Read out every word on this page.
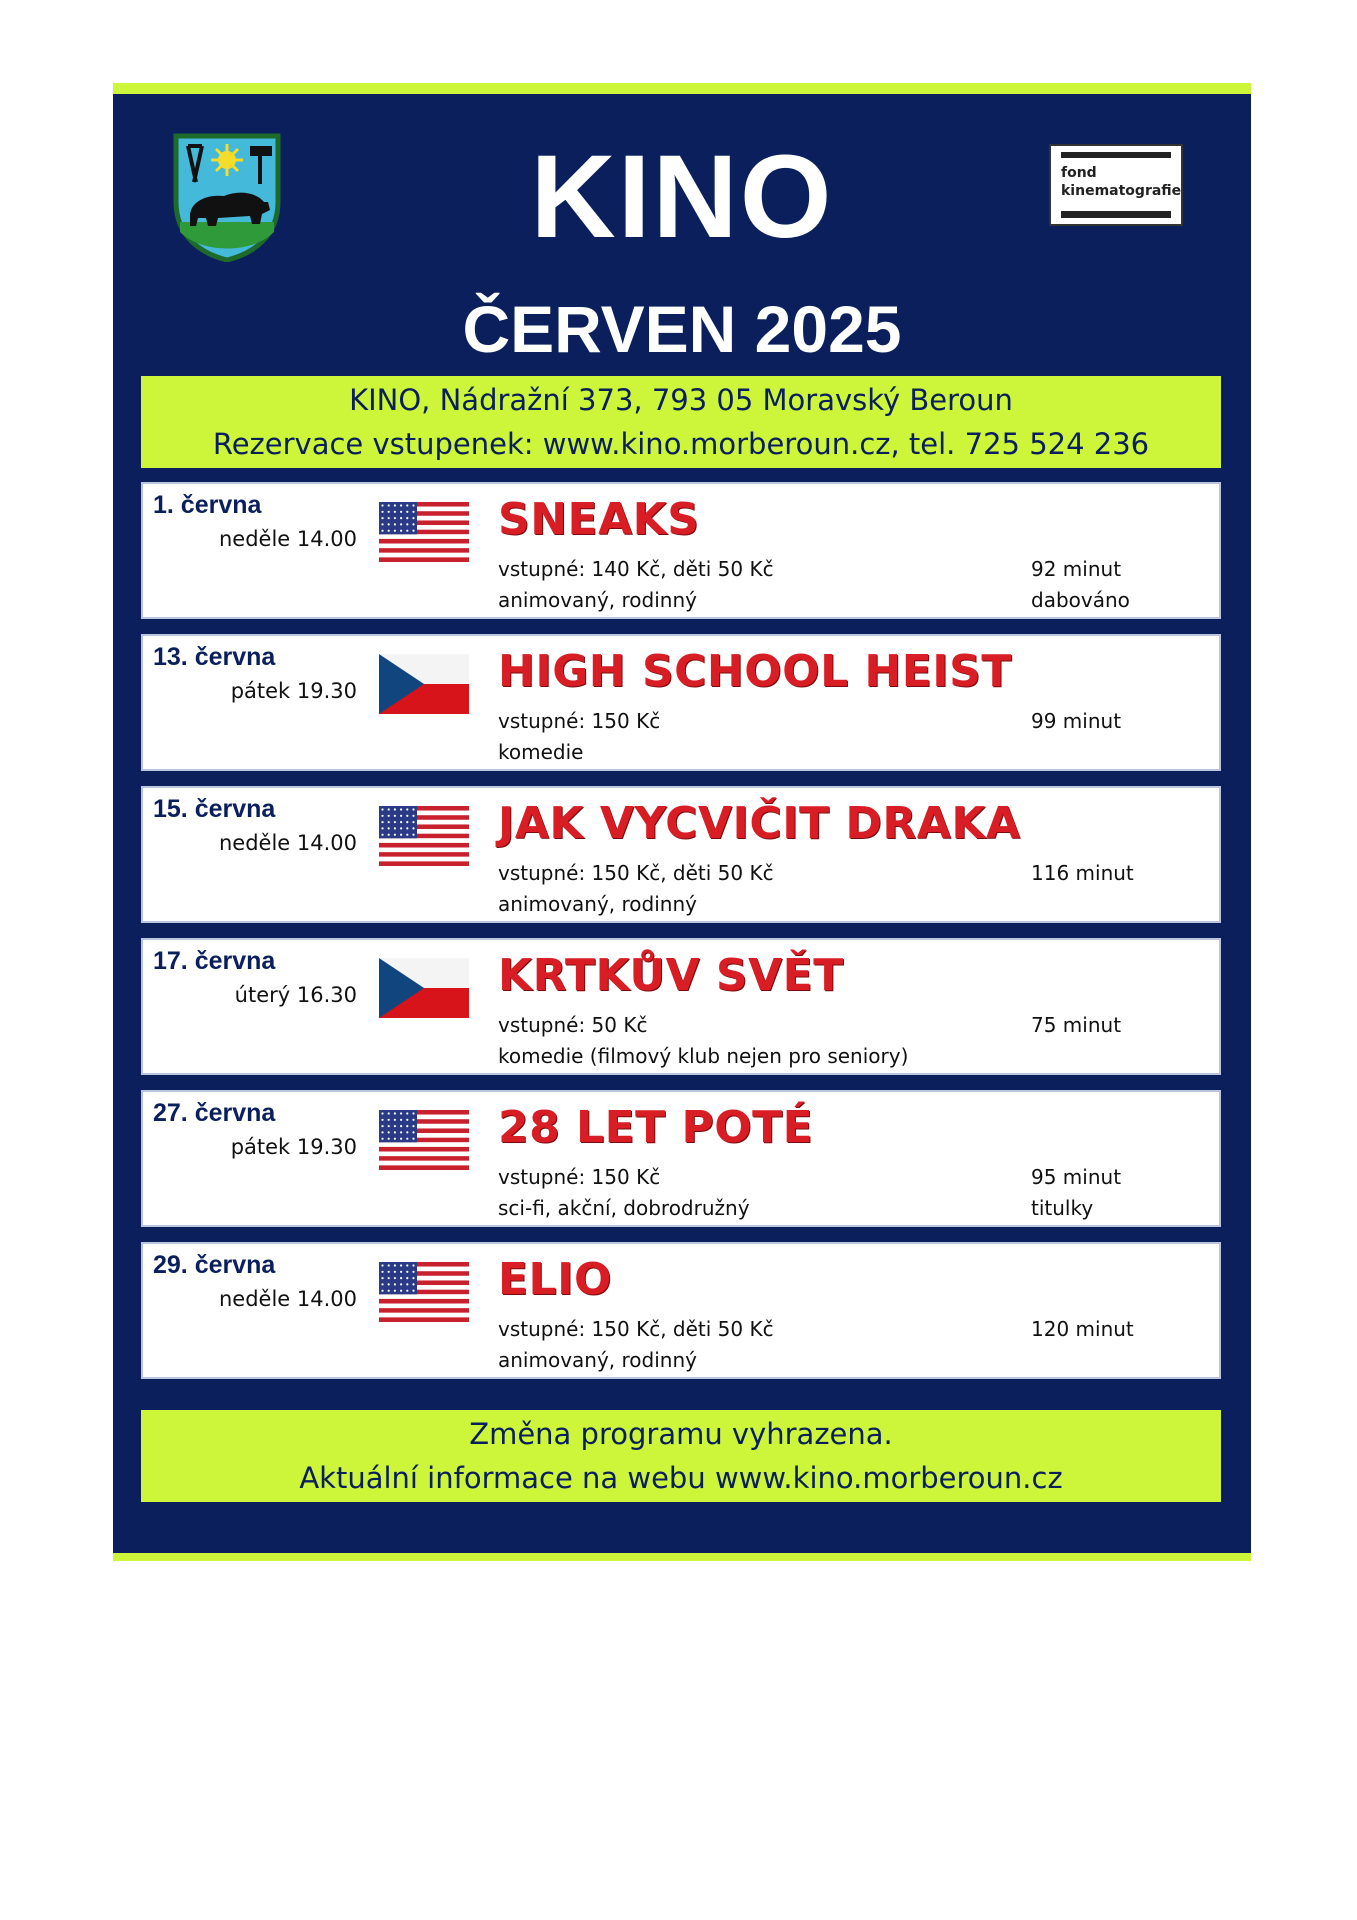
fond
kinematografie
KINO
ČERVEN 2025
KINO, Nádražní 373, 793 05 Moravský Beroun
Rezervace vstupenek: www.kino.morberoun.cz, tel. 725 524 236
1. června
neděle 14.00	SNEAKS
vstupné: 140 Kč, děti 50 Kč
animovaný, rodinný
92 minut
dabováno
13. června
pátek 19.30	HIGH SCHOOL HEIST
vstupné: 150 Kč
komedie
99 minut
15. června
neděle 14.00	JAK VYCVIČIT DRAKA
vstupné: 150 Kč, děti 50 Kč
animovaný, rodinný
116 minut
17. června
úterý 16.30	KRTKŮV SVĚT
vstupné: 50 Kč
komedie (filmový klub nejen pro seniory)
75 minut
27. června
pátek 19.30	28 LET POTÉ
vstupné: 150 Kč
sci-fi, akční, dobrodružný
95 minut
titulky
29. června
neděle 14.00	ELIO
vstupné: 150 Kč, děti 50 Kč
animovaný, rodinný
120 minut
Změna programu vyhrazena.
Aktuální informace na webu www.kino.morberoun.cz
